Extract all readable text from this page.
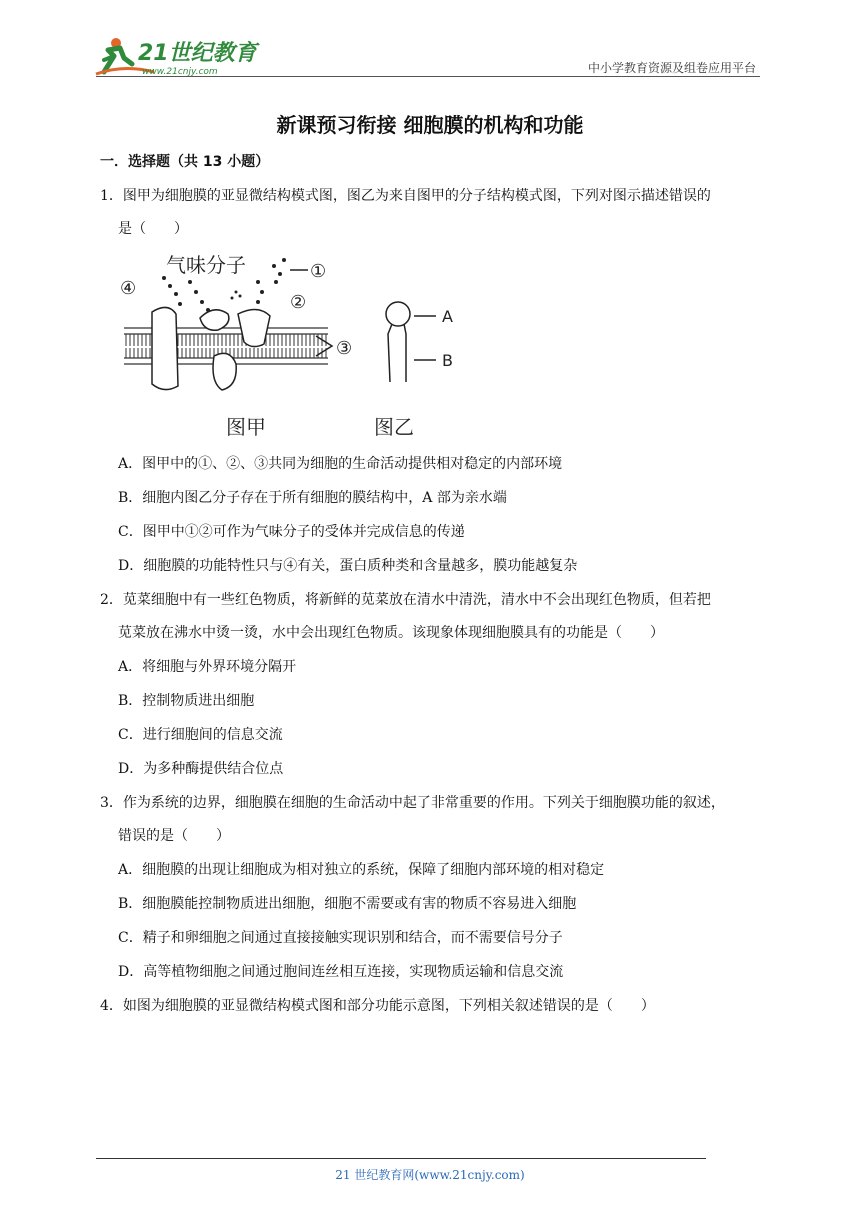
21世纪教育
www.21cnjy.com	中小学教育资源及组卷应用平台
新课预习衔接 细胞膜的机构和功能
一．选择题（共 13 小题）
1．图甲为细胞膜的亚显微结构模式图，图乙为来自图甲的分子结构模式图，下列对图示描述错误的
是（　　）
气味分子	①
②
③
④
A
B
图甲	图乙
A．图甲中的①、②、③共同为细胞的生命活动提供相对稳定的内部环境
B．细胞内图乙分子存在于所有细胞的膜结构中，A 部为亲水端
C．图甲中①②可作为气味分子的受体并完成信息的传递
D．细胞膜的功能特性只与④有关，蛋白质种类和含量越多，膜功能越复杂
2．苋菜细胞中有一些红色物质，将新鲜的苋菜放在清水中清洗，清水中不会出现红色物质，但若把
苋菜放在沸水中烫一烫，水中会出现红色物质。该现象体现细胞膜具有的功能是（　　）
A．将细胞与外界环境分隔开
B．控制物质进出细胞
C．进行细胞间的信息交流
D．为多种酶提供结合位点
3．作为系统的边界，细胞膜在细胞的生命活动中起了非常重要的作用。下列关于细胞膜功能的叙述，
错误的是（　　）
A．细胞膜的出现让细胞成为相对独立的系统，保障了细胞内部环境的相对稳定
B．细胞膜能控制物质进出细胞，细胞不需要或有害的物质不容易进入细胞
C．精子和卵细胞之间通过直接接触实现识别和结合，而不需要信号分子
D．高等植物细胞之间通过胞间连丝相互连接，实现物质运输和信息交流
4．如图为细胞膜的亚显微结构模式图和部分功能示意图，下列相关叙述错误的是（　　）
21 世纪教育网(www.21cnjy.com)
